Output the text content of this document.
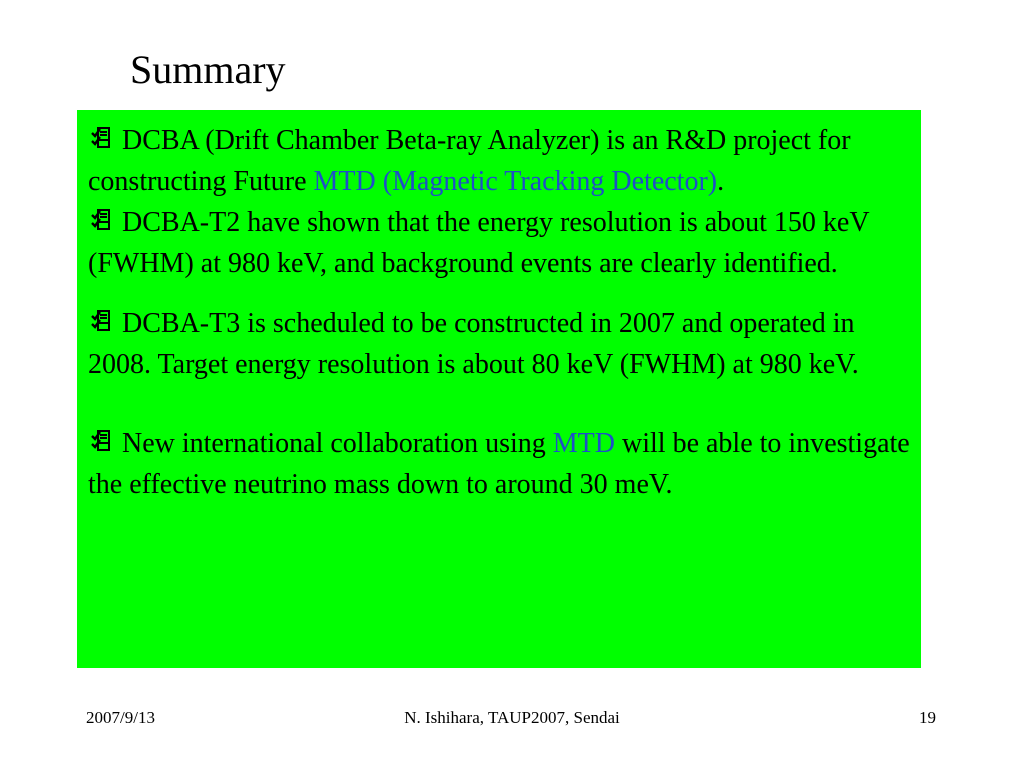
Summary

DCBA (Drift Chamber Beta-ray Analyzer) is an R&D project for constructing Future MTD (Magnetic Tracking Detector).

DCBA-T2 have shown that the energy resolution is about 150 keV (FWHM) at 980 keV, and background events are clearly identified.

DCBA-T3 is scheduled to be constructed in 2007 and operated in 2008. Target energy resolution is about 80 keV (FWHM) at 980 keV.

New international collaboration using MTD will be able to investigate the effective neutrino mass down to around 30 meV.

2007/9/13	N. Ishihara, TAUP2007, Sendai	19
